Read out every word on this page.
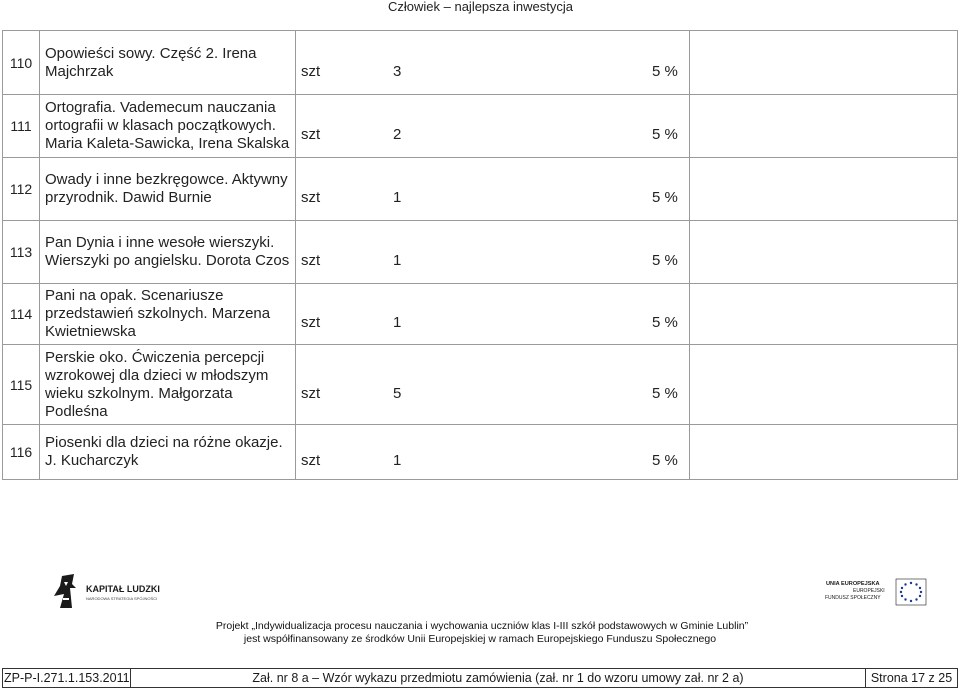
Człowiek – najlepsza inwestycja
110	Opowieści sowy. Część 2. Irena Majchrzak	szt 3 5 %	

111	Ortografia. Vademecum nauczania ortografii w klasach początkowych. Maria Kaleta-Sawicka, Irena Skalska	szt 2 5 %	

112	Owady i inne bezkręgowce. Aktywny przyrodnik. Dawid Burnie	szt 1 5 %	

113	Pan Dynia i inne wesołe wierszyki. Wierszyki po angielsku. Dorota Czos	szt 1 5 %	

114	Pani na opak. Scenariusze przedstawień szkolnych. Marzena Kwietniewska	szt 1 5 %	

115	Perskie oko. Ćwiczenia percepcji wzrokowej dla dzieci w młodszym wieku szkolnym. Małgorzata Podleśna	szt 5 5 %	

116	Piosenki dla dzieci na różne okazje. J. Kucharczyk	szt 1 5 %	

KAPITAŁ LUDZKI
NARODOWA STRATEGIA SPÓJNOŚCI
UNIA EUROPEJSKA
EUROPEJSKI
FUNDUSZ SPOŁECZNY
Projekt „Indywidualizacja procesu nauczania i wychowania uczniów klas I-III szkół podstawowych w Gminie Lublin”
jest współfinansowany ze środków Unii Europejskiej w ramach Europejskiego Funduszu Społecznego
ZP-P-I.271.1.153.2011	Zał. nr 8 a – Wzór wykazu przedmiotu zamówienia (zał. nr 1 do wzoru umowy zał. nr 2 a)	Strona 17 z 25
